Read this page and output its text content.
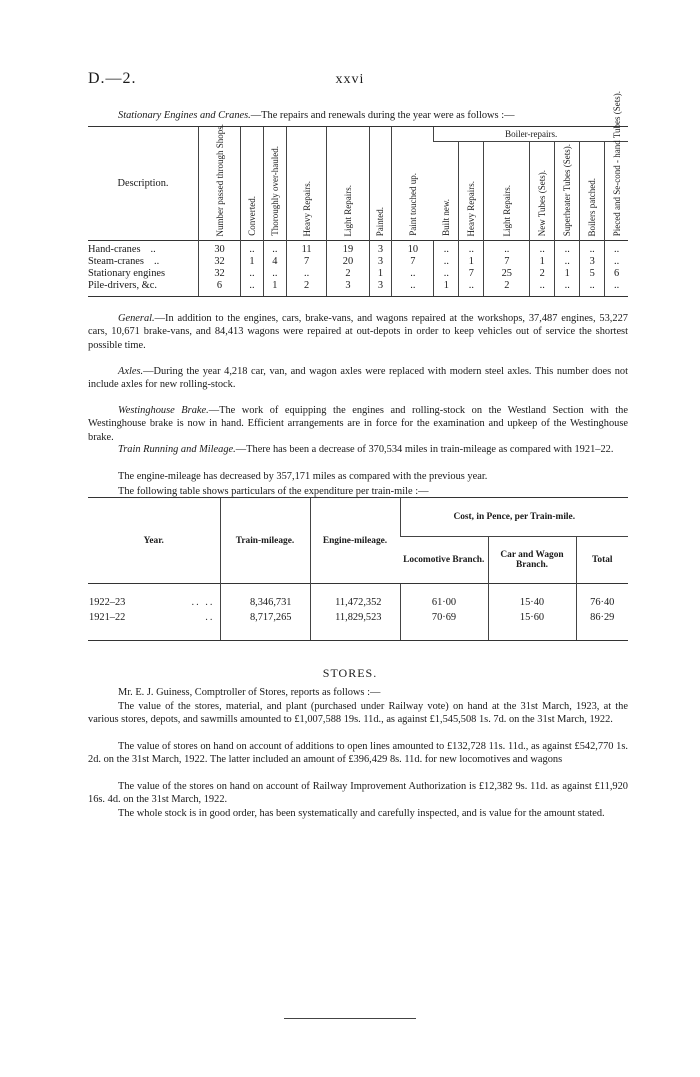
D.—2.	xxvi
Stationary Engines and Cranes.—The repairs and renewals during the year were as follows :—
Description.	Number passed through Shops.	Converted.	Thoroughly over-hauled.	Heavy Repairs.	Light Repairs.	Painted.	Paint touched up.	Boiler-repairs.						

								Built new.	Heavy Repairs.	Light Repairs.	New Tubes (Sets).	Superheater Tubes (Sets).	Boilers patched.	Pieced and Se-cond - hand Tubes (Sets).

Hand-cranes ..	30	..	..	11	19	3	10	..	..	..	..	..	..	..
Steam-cranes ..	32	1	4	7	20	3	7	..	1	7	1	..	3	..
Stationary engines	32	..	..	..	2	1	..	..	7	25	2	1	5	6
Pile-drivers, &c.	6	..	1	2	3	3	..	1	..	2	..	..	..	..
General.—In addition to the engines, cars, brake-vans, and wagons repaired at the workshops, 37,487 engines, 53,227 cars, 10,671 brake-vans, and 84,413 wagons were repaired at out-depots in order to keep vehicles out of service the shortest possible time.
Axles.—During the year 4,218 car, van, and wagon axles were replaced with modern steel axles. This number does not include axles for new rolling-stock.
Westinghouse Brake.—The work of equipping the engines and rolling-stock on the Westland Section with the Westinghouse brake is now in hand. Efficient arrangements are in force for the examination and upkeep of the Westinghouse brake.
Train Running and Mileage.—There has been a decrease of 370,534 miles in train-mileage as compared with 1921–22.
The engine-mileage has decreased by 357,171 miles as compared with the previous year.
The following table shows particulars of the expenditure per train-mile :—
Year.	Train-mileage.	Engine-mileage.	Cost, in Pence, per Train-mile.		
			Locomotive Branch.	Car and Wagon Branch.	Total
1922–23 .. ..	8,346,731	11,472,352	61·00	15·40	76·40
1921–22 ..	8,717,265	11,829,523	70·69	15·60	86·29
STORES.
Mr. E. J. Guiness, Comptroller of Stores, reports as follows :—
The value of the stores, material, and plant (purchased under Railway vote) on hand at the 31st March, 1923, at the various stores, depots, and sawmills amounted to £1,007,588 19s. 11d., as against £1,545,508 1s. 7d. on the 31st March, 1922.
The value of stores on hand on account of additions to open lines amounted to £132,728 11s. 11d., as against £542,770 1s. 2d. on the 31st March, 1922. The latter included an amount of £396,429 8s. 11d. for new locomotives and wagons
The value of the stores on hand on account of Railway Improvement Authorization is £12,382 9s. 11d. as against £11,920 16s. 4d. on the 31st March, 1922.
The whole stock is in good order, has been systematically and carefully inspected, and is value for the amount stated.
